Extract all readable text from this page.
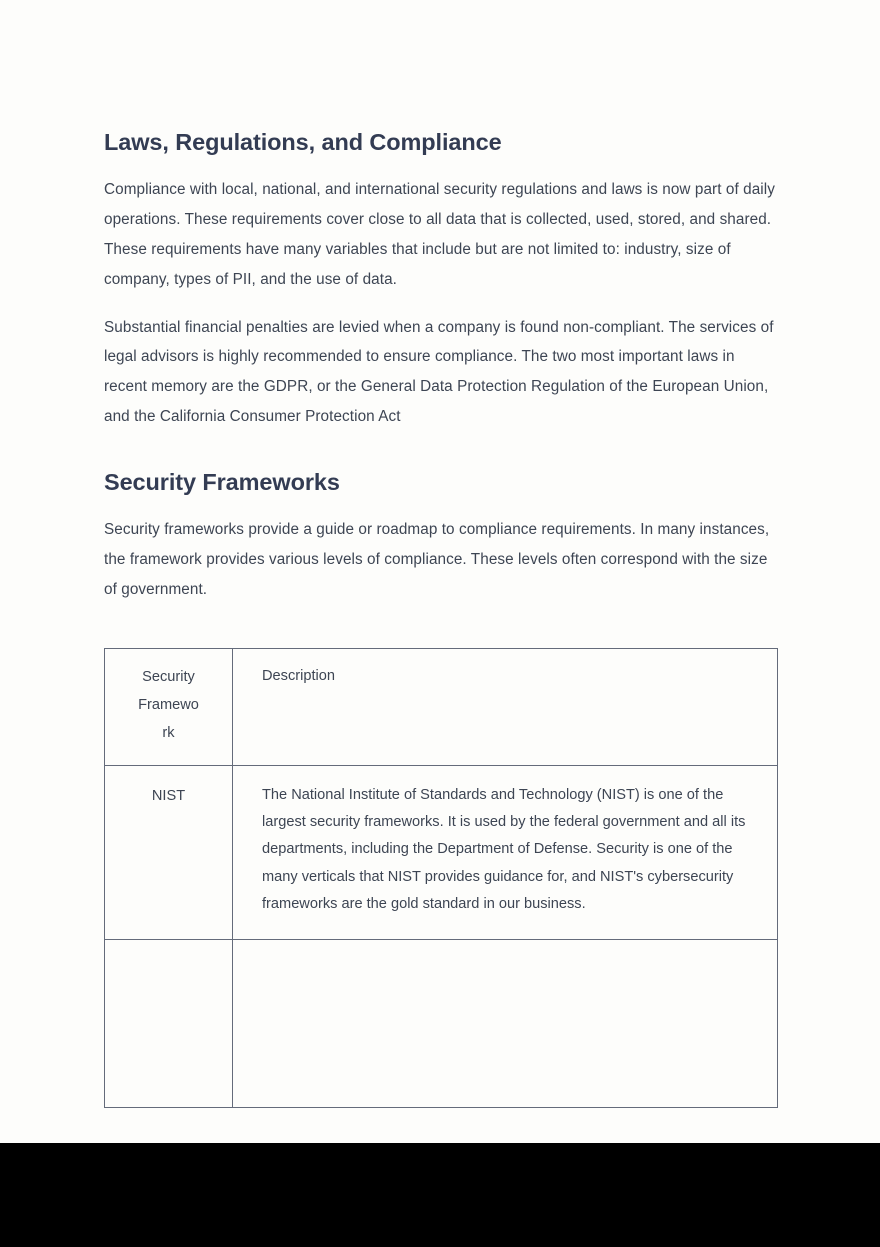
Laws, Regulations, and Compliance

Compliance with local, national, and international security regulations and laws is now part of daily operations. These requirements cover close to all data that is collected, used, stored, and shared. These requirements have many variables that include but are not limited to: industry, size of company, types of PII, and the use of data.

Substantial financial penalties are levied when a company is found non-compliant. The services of legal advisors is highly recommended to ensure compliance. The two most important laws in recent memory are the GDPR, or the General Data Protection Regulation of the European Union, and the California Consumer Protection Act

Security Frameworks

Security frameworks provide a guide or roadmap to compliance requirements. In many instances, the framework provides various levels of compliance. These levels often correspond with the size of government.

Security
Framewo
rk	Description
NIST	The National Institute of Standards and Technology (NIST) is one of the largest security frameworks. It is used by the federal government and all its departments, including the Department of Defense. Security is one of the many verticals that NIST provides guidance for, and NIST's cybersecurity frameworks are the gold standard in our business.
